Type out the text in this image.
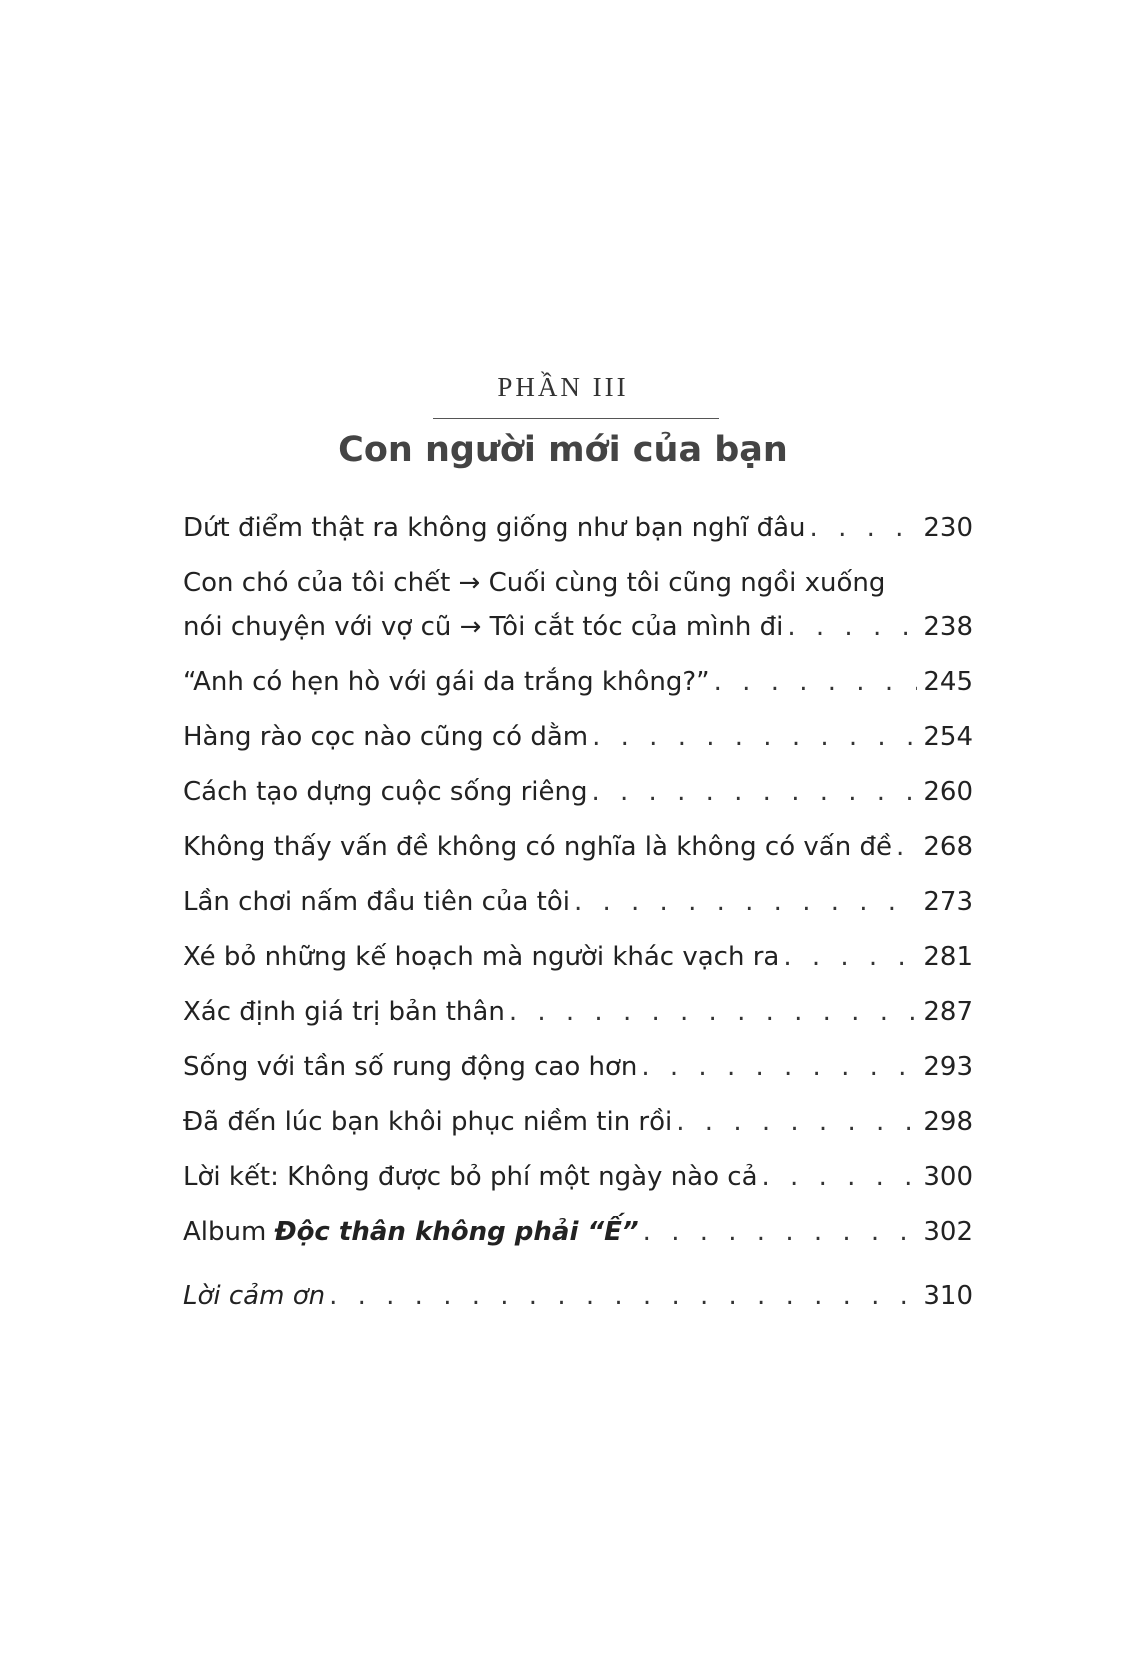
PHẦN III
Con người mới của bạn
Dứt điểm thật ra không giống như bạn nghĩ đâu . . .	230
Con chó của tôi chết → Cuối cùng tôi cũng ngồi xuống
nói chuyện với vợ cũ → Tôi cắt tóc của mình đi . . .	238
“Anh có hẹn hò với gái da trắng không?” . . .	245
Hàng rào cọc nào cũng có dằm . . .	254
Cách tạo dựng cuộc sống riêng . . .	260
Không thấy vấn đề không có nghĩa là không có vấn đề . . . 268
Lần chơi nấm đầu tiên của tôi . . .	273
Xé bỏ những kế hoạch mà người khác vạch ra . . .	281
Xác định giá trị bản thân . . .	287
Sống với tần số rung động cao hơn . . .	293
Đã đến lúc bạn khôi phục niềm tin rồi . . .	298
Lời kết: Không được bỏ phí một ngày nào cả . . .	300
Album Độc thân không phải “Ế” . . .	302
Lời cảm ơn . . .	310
